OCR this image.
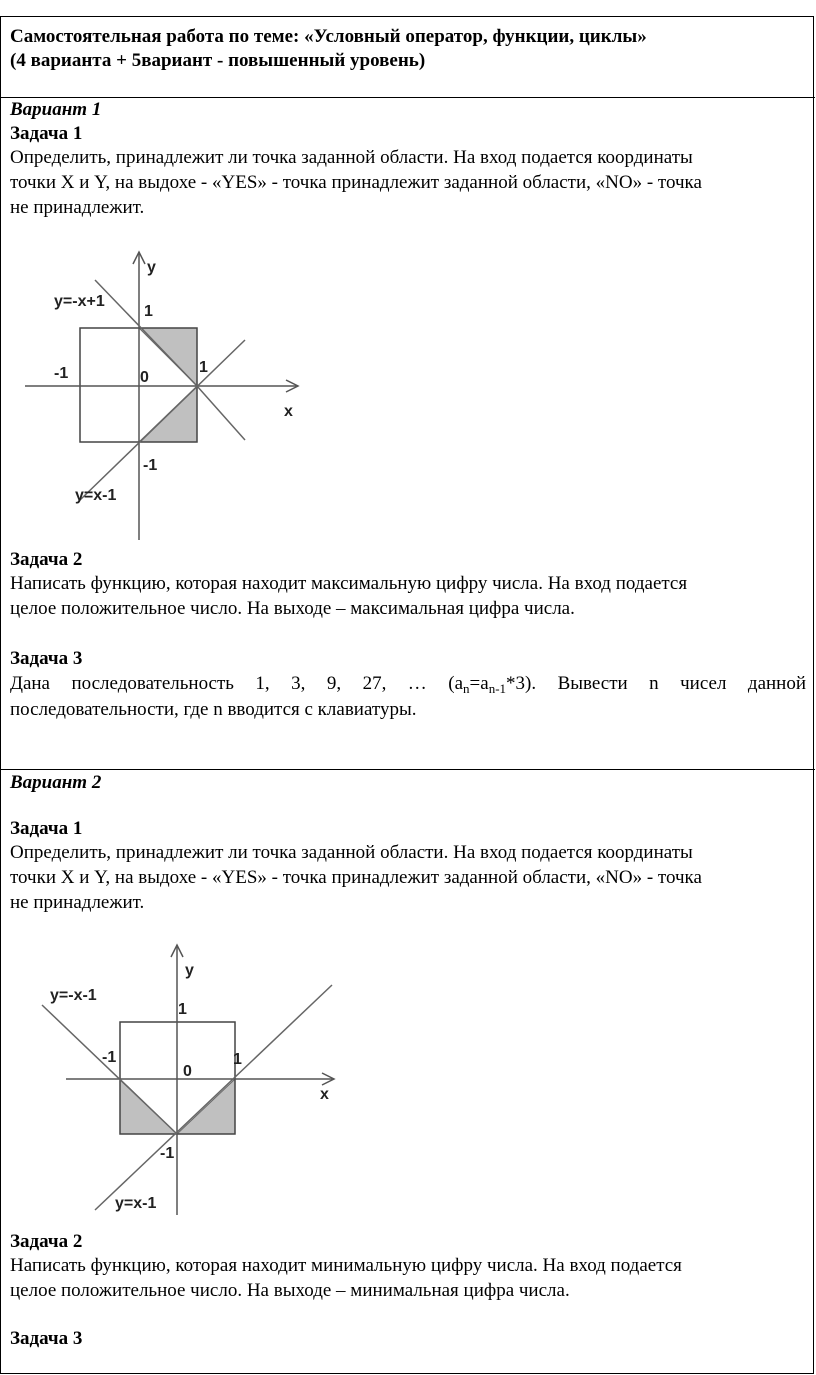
Самостоятельная работа по теме: «Условный оператор, функции, циклы»
(4 варианта + 5вариант - повышенный уровень)
Вариант 1
Задача 1
Определить, принадлежит ли точка заданной области. На вход подается координаты
точки X и Y, на выдохе - «YES» - точка принадлежит заданной области, «NO» - точка
не принадлежит.
y
x
y=-x+1
y=x-1
1
1
-1
-1
0
Задача 2
Написать функцию, которая находит максимальную цифру числа. На вход подается
целое положительное число. На выходе – максимальная цифра числа.
Задача 3
Дана последовательность 1, 3, 9, 27, … $(a_n=a_{n-1}*3)$. Вывести n чисел данной
последовательности, где n вводится с клавиатуры.
Вариант 2
Задача 1
Определить, принадлежит ли точка заданной области. На вход подается координаты
точки X и Y, на выдохе - «YES» - точка принадлежит заданной области, «NO» - точка
не принадлежит.
y
x
y=-x-1
y=x-1
1
1
-1
-1
0
Задача 2
Написать функцию, которая находит минимальную цифру числа. На вход подается
целое положительное число. На выходе – минимальная цифра числа.
Задача 3
